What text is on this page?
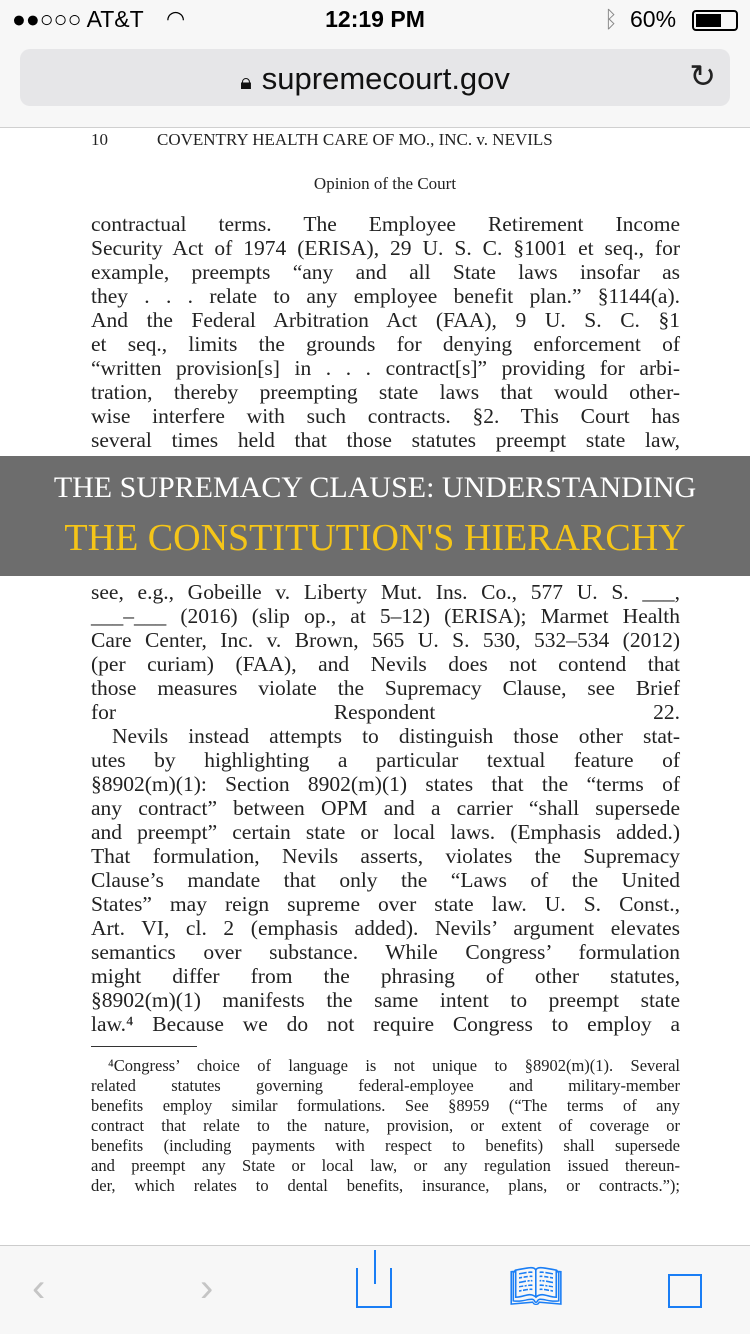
●●○○○ AT&T ◠	12:19 PM	ᛒ 60%
🔒︎ supremecourt.gov	↻
10	COVENTRY HEALTH CARE OF MO., INC. v. NEVILS
Opinion of the Court
contractual terms. The Employee Retirement Income
Security Act of 1974 (ERISA), 29 U. S. C. §1001 et seq., for
example, preempts “any and all State laws insofar as
they . . . relate to any employee benefit plan.” §1144(a).
And the Federal Arbitration Act (FAA), 9 U. S. C. §1
et seq., limits the grounds for denying enforcement of
“written provision[s] in . . . contract[s]” providing for arbi-
tration, thereby preempting state laws that would other-
wise interfere with such contracts. §2. This Court has
several times held that those statutes preempt state law,
see, e.g., Gobeille v. Liberty Mut. Ins. Co., 577 U. S. ___,
___–___ (2016) (slip op., at 5–12) (ERISA); Marmet Health
Care Center, Inc. v. Brown, 565 U. S. 530, 532–534 (2012)
(per curiam) (FAA), and Nevils does not contend that
those measures violate the Supremacy Clause, see Brief
for Respondent 22.
Nevils instead attempts to distinguish those other stat-
utes by highlighting a particular textual feature of
§8902(m)(1): Section 8902(m)(1) states that the “terms of
any contract” between OPM and a carrier “shall supersede
and preempt” certain state or local laws. (Emphasis added.)
That formulation, Nevils asserts, violates the Supremacy
Clause’s mandate that only the “Laws of the United
States” may reign supreme over state law. U. S. Const.,
Art. VI, cl. 2 (emphasis added). Nevils’ argument elevates
semantics over substance. While Congress’ formulation
might differ from the phrasing of other statutes,
§8902(m)(1) manifests the same intent to preempt state
law.⁴ Because we do not require Congress to employ a
THE SUPREMACY CLAUSE: UNDERSTANDING
THE CONSTITUTION'S HIERARCHY
⁴Congress’ choice of language is not unique to §8902(m)(1). Several
related statutes governing federal-employee and military-member
benefits employ similar formulations. See §8959 (“The terms of any
contract that relate to the nature, provision, or extent of coverage or
benefits (including payments with respect to benefits) shall supersede
and preempt any State or local law, or any regulation issued thereun-
der, which relates to dental benefits, insurance, plans, or contracts.”);
‹	›	📖︎
